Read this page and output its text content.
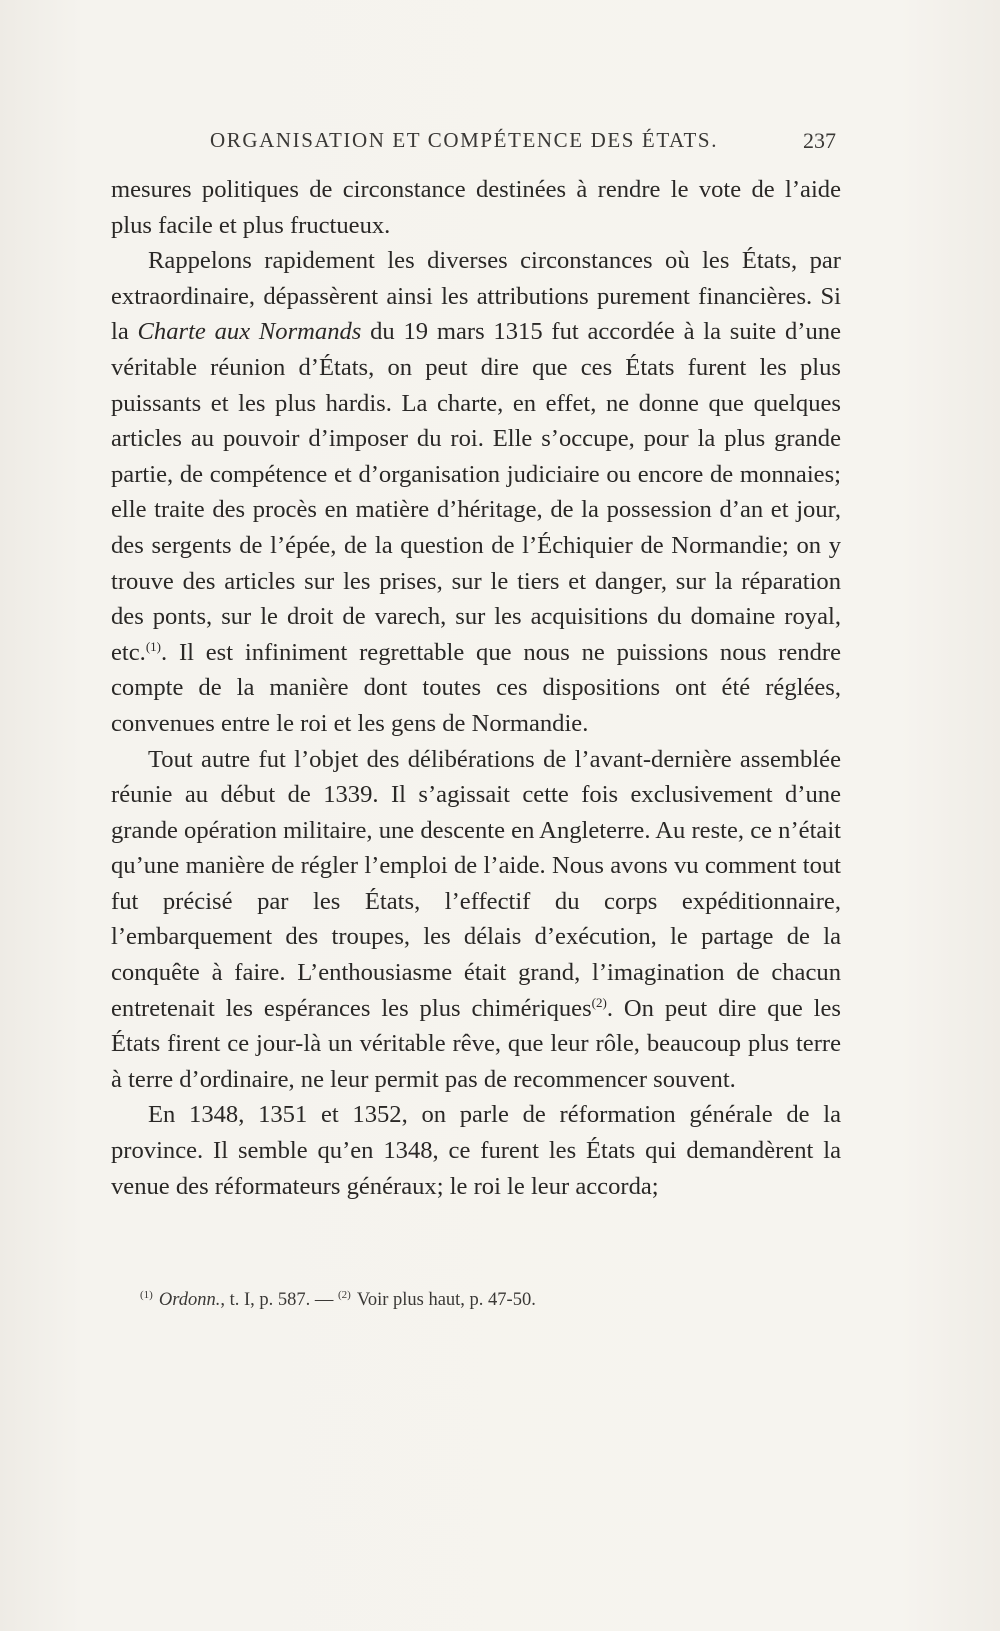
ORGANISATION ET COMPÉTENCE DES ÉTATS.	237

mesures politiques de circonstance destinées à rendre le vote de l’aide plus facile et plus fructueux.

Rappelons rapidement les diverses circonstances où les États, par extraordinaire, dépassèrent ainsi les attributions purement financières. Si la Charte aux Normands du 19 mars 1315 fut accordée à la suite d’une véritable réunion d’États, on peut dire que ces États furent les plus puissants et les plus hardis. La charte, en effet, ne donne que quelques articles au pouvoir d’imposer du roi. Elle s’occupe, pour la plus grande partie, de compétence et d’organisation judiciaire ou encore de monnaies; elle traite des procès en matière d’héritage, de la possession d’an et jour, des sergents de l’épée, de la question de l’Échiquier de Normandie; on y trouve des articles sur les prises, sur le tiers et danger, sur la réparation des ponts, sur le droit de varech, sur les acquisitions du domaine royal, etc.$^{(1)}$. Il est infiniment regrettable que nous ne puissions nous rendre compte de la manière dont toutes ces dispositions ont été réglées, convenues entre le roi et les gens de Normandie.

Tout autre fut l’objet des délibérations de l’avant-dernière assemblée réunie au début de 1339. Il s’agissait cette fois exclusivement d’une grande opération militaire, une descente en Angleterre. Au reste, ce n’était qu’une manière de régler l’emploi de l’aide. Nous avons vu comment tout fut précisé par les États, l’effectif du corps expéditionnaire, l’embarquement des troupes, les délais d’exécution, le partage de la conquête à faire. L’enthousiasme était grand, l’imagination de chacun entretenait les espérances les plus chimériques$^{(2)}$. On peut dire que les États firent ce jour-là un véritable rêve, que leur rôle, beaucoup plus terre à terre d’ordinaire, ne leur permit pas de recommencer souvent.

En 1348, 1351 et 1352, on parle de réformation générale de la province. Il semble qu’en 1348, ce furent les États qui demandèrent la venue des réformateurs généraux; le roi le leur accorda;

$^{(1)}$ Ordonn., t. I, p. 587. — $^{(2)}$ Voir plus haut, p. 47-50.
